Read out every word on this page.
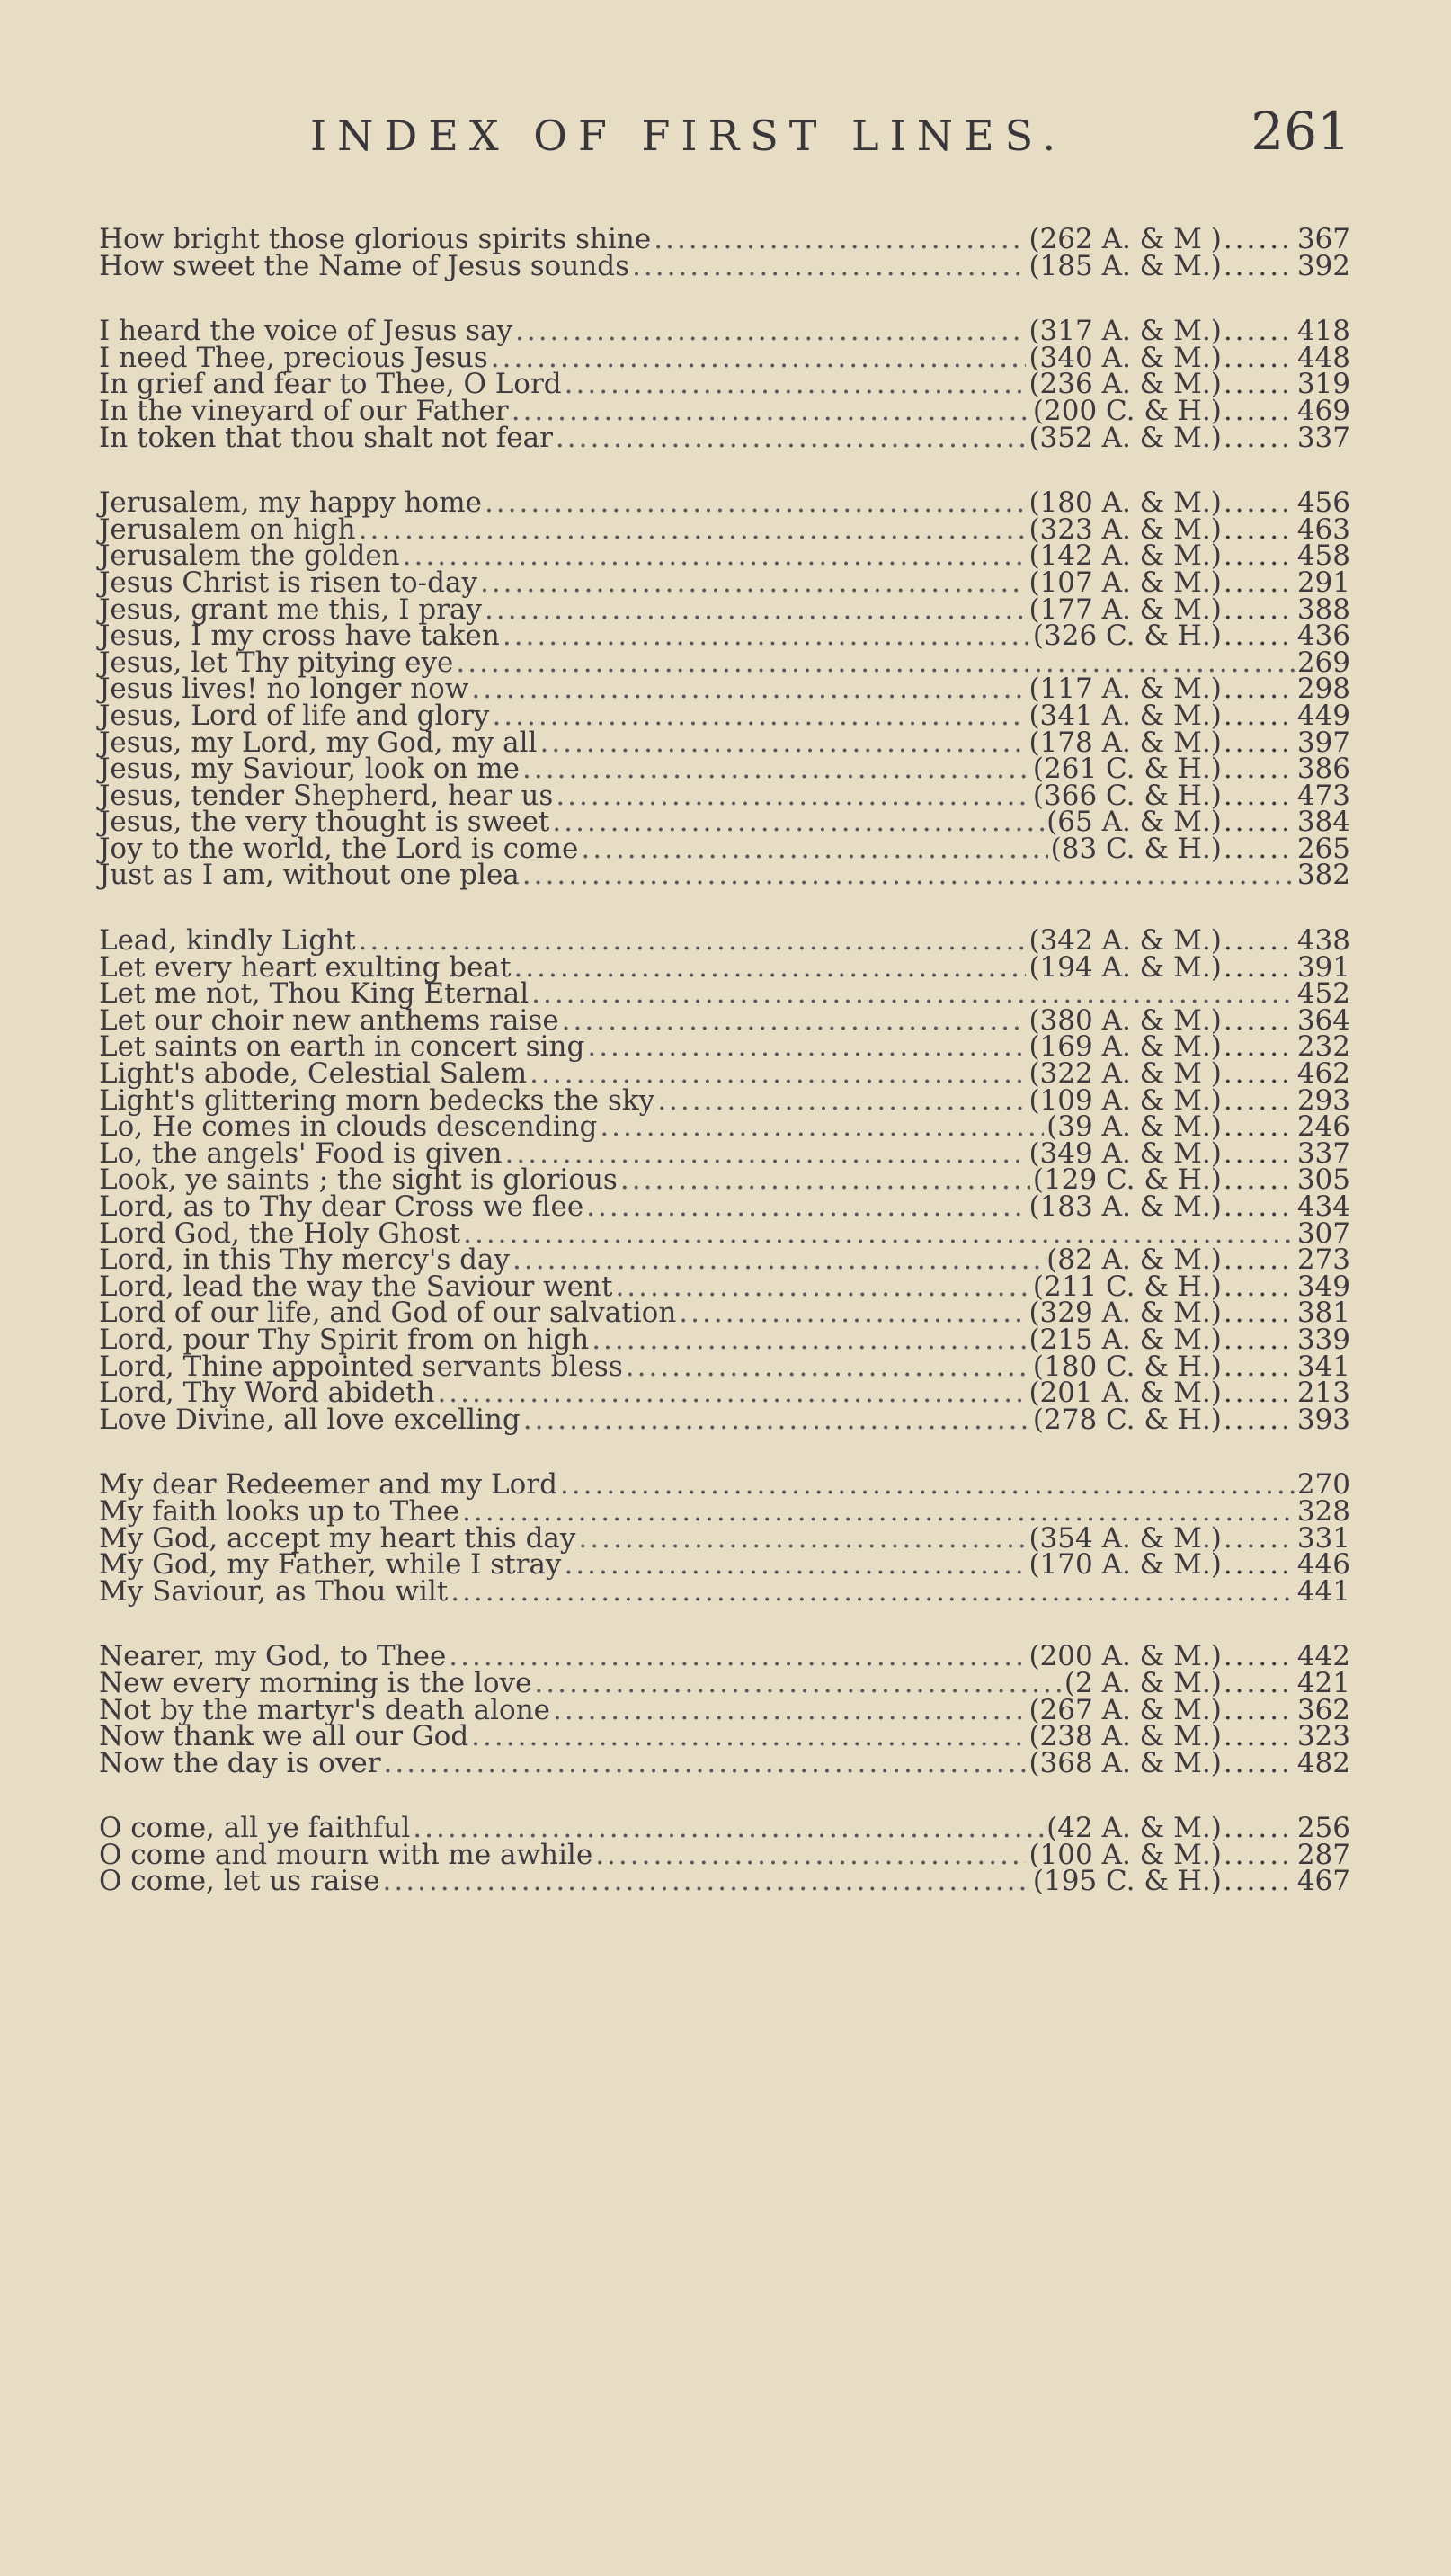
INDEX OF FIRST LINES.	261
How bright those glorious spirits shine .....	( 262 A. & M ) .....	367
How sweet the Name of Jesus sounds .....	( 185 A. & M. ) .....	392
I heard the voice of Jesus say .....	( 317 A. & M. ) .....	418
I need Thee, precious Jesus .....	( 340 A. & M. ) .....	448
In grief and fear to Thee, O Lord .....	( 236 A. & M. ) .....	319
In the vineyard of our Father .....	( 200 C. & H. ) .....	469
In token that thou shalt not fear .....	( 352 A. & M. ) .....	337
Jerusalem, my happy home .....	( 180 A. & M. ) .....	456
Jerusalem on high .....	( 323 A. & M. ) .....	463
Jerusalem the golden .....	( 142 A. & M. ) .....	458
Jesus Christ is risen to-day .....	( 107 A. & M. ) .....	291
Jesus, grant me this, I pray .....	( 177 A. & M. ) .....	388
Jesus, I my cross have taken .....	( 326 C. & H. ) .....	436
Jesus, let Thy pitying eye .....	269
Jesus lives! no longer now .....	( 117 A. & M. ) .....	298
Jesus, Lord of life and glory .....	( 341 A. & M. ) .....	449
Jesus, my Lord, my God, my all .....	( 178 A. & M. ) .....	397
Jesus, my Saviour, look on me .....	( 261 C. & H. ) .....	386
Jesus, tender Shepherd, hear us .....	( 366 C. & H. ) .....	473
Jesus, the very thought is sweet .....	( 65 A. & M. ) .....	384
Joy to the world, the Lord is come .....	( 83 C. & H. ) .....	265
Just as I am, without one plea .....	382
Lead, kindly Light .....	( 342 A. & M. ) .....	438
Let every heart exulting beat .....	( 194 A. & M. ) .....	391
Let me not, Thou King Eternal .....	452
Let our choir new anthems raise .....	( 380 A. & M. ) .....	364
Let saints on earth in concert sing .....	( 169 A. & M. ) .....	232
Light's abode, Celestial Salem .....	( 322 A. & M ) .....	462
Light's glittering morn bedecks the sky .....	( 109 A. & M. ) .....	293
Lo, He comes in clouds descending .....	( 39 A. & M. ) .....	246
Lo, the angels' Food is given .....	( 349 A. & M. ) .....	337
Look, ye saints ; the sight is glorious .....	( 129 C. & H. ) .....	305
Lord, as to Thy dear Cross we flee .....	( 183 A. & M. ) .....	434
Lord God, the Holy Ghost .....	307
Lord, in this Thy mercy's day .....	( 82 A. & M. ) .....	273
Lord, lead the way the Saviour went .....	( 211 C. & H. ) .....	349
Lord of our life, and God of our salvation .....	( 329 A. & M. ) .....	381
Lord, pour Thy Spirit from on high .....	( 215 A. & M. ) .....	339
Lord, Thine appointed servants bless .....	( 180 C. & H. ) .....	341
Lord, Thy Word abideth .....	( 201 A. & M. ) .....	213
Love Divine, all love excelling .....	( 278 C. & H. ) .....	393
My dear Redeemer and my Lord .....	270
My faith looks up to Thee .....	328
My God, accept my heart this day .....	( 354 A. & M. ) .....	331
My God, my Father, while I stray .....	( 170 A. & M. ) .....	446
My Saviour, as Thou wilt .....	441
Nearer, my God, to Thee .....	( 200 A. & M. ) .....	442
New every morning is the love .....	( 2 A. & M. ) .....	421
Not by the martyr's death alone .....	( 267 A. & M. ) .....	362
Now thank we all our God .....	( 238 A. & M. ) .....	323
Now the day is over .....	( 368 A. & M. ) .....	482
O come, all ye faithful .....	( 42 A. & M. ) .....	256
O come and mourn with me awhile .....	( 100 A. & M. ) .....	287
O come, let us raise .....	( 195 C. & H. ) .....	467
